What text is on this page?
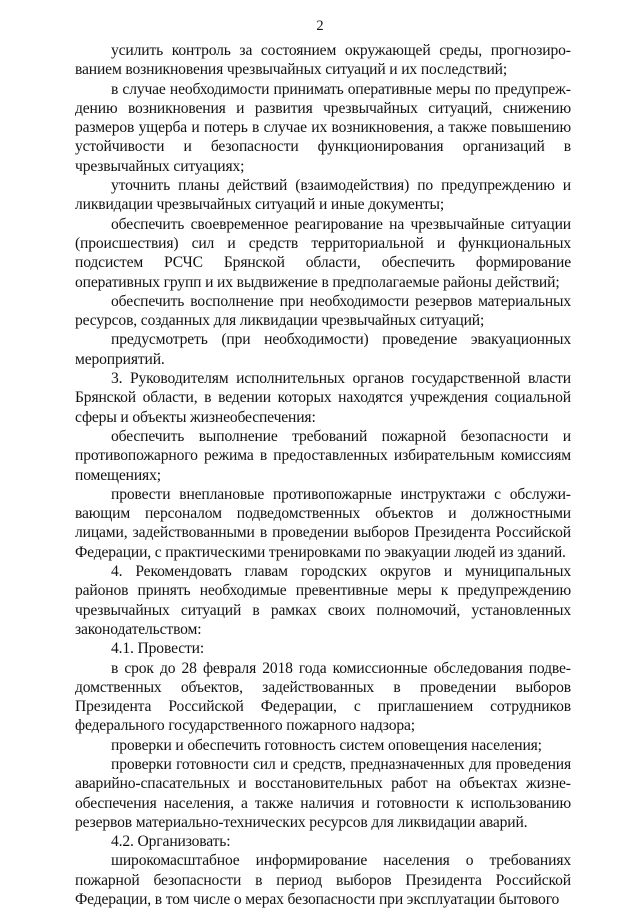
2

усилить контроль за состоянием окружающей среды, прогнозированием возникновения чрезвычайных ситуаций и их последствий;

в случае необходимости принимать оперативные меры по предупреждению возникновения и развития чрезвычайных ситуаций, снижению размеров ущерба и потерь в случае их возникновения, а также повышению устойчивости и безопасности функционирования организаций в чрезвычайных ситуациях;

уточнить планы действий (взаимодействия) по предупреждению и ликвидации чрезвычайных ситуаций и иные документы;

обеспечить своевременное реагирование на чрезвычайные ситуации (происшествия) сил и средств территориальной и функциональных подсистем РСЧС Брянской области, обеспечить формирование оперативных групп и их выдвижение в предполагаемые районы действий;

обеспечить восполнение при необходимости резервов материальных ресурсов, созданных для ликвидации чрезвычайных ситуаций;

предусмотреть (при необходимости) проведение эвакуационных мероприятий.

3. Руководителям исполнительных органов государственной власти Брянской области, в ведении которых находятся учреждения социальной сферы и объекты жизнеобеспечения:

обеспечить выполнение требований пожарной безопасности и противопожарного режима в предоставленных избирательным комиссиям помещениях;

провести внеплановые противопожарные инструктажи с обслуживающим персоналом подведомственных объектов и должностными лицами, задействованными в проведении выборов Президента Российской Федерации, с практическими тренировками по эвакуации людей из зданий.

4. Рекомендовать главам городских округов и муниципальных районов принять необходимые превентивные меры к предупреждению чрезвычайных ситуаций в рамках своих полномочий, установленных законодательством:

4.1. Провести:

в срок до 28 февраля 2018 года комиссионные обследования подведомственных объектов, задействованных в проведении выборов Президента Российской Федерации, с приглашением сотрудников федерального государственного пожарного надзора;

проверки и обеспечить готовность систем оповещения населения;

проверки готовности сил и средств, предназначенных для проведения аварийно-спасательных и восстановительных работ на объектах жизнеобеспечения населения, а также наличия и готовности к использованию резервов материально-технических ресурсов для ликвидации аварий.

4.2. Организовать:

широкомасштабное информирование населения о требованиях пожарной безопасности в период выборов Президента Российской Федерации, в том числе о мерах безопасности при эксплуатации бытового
